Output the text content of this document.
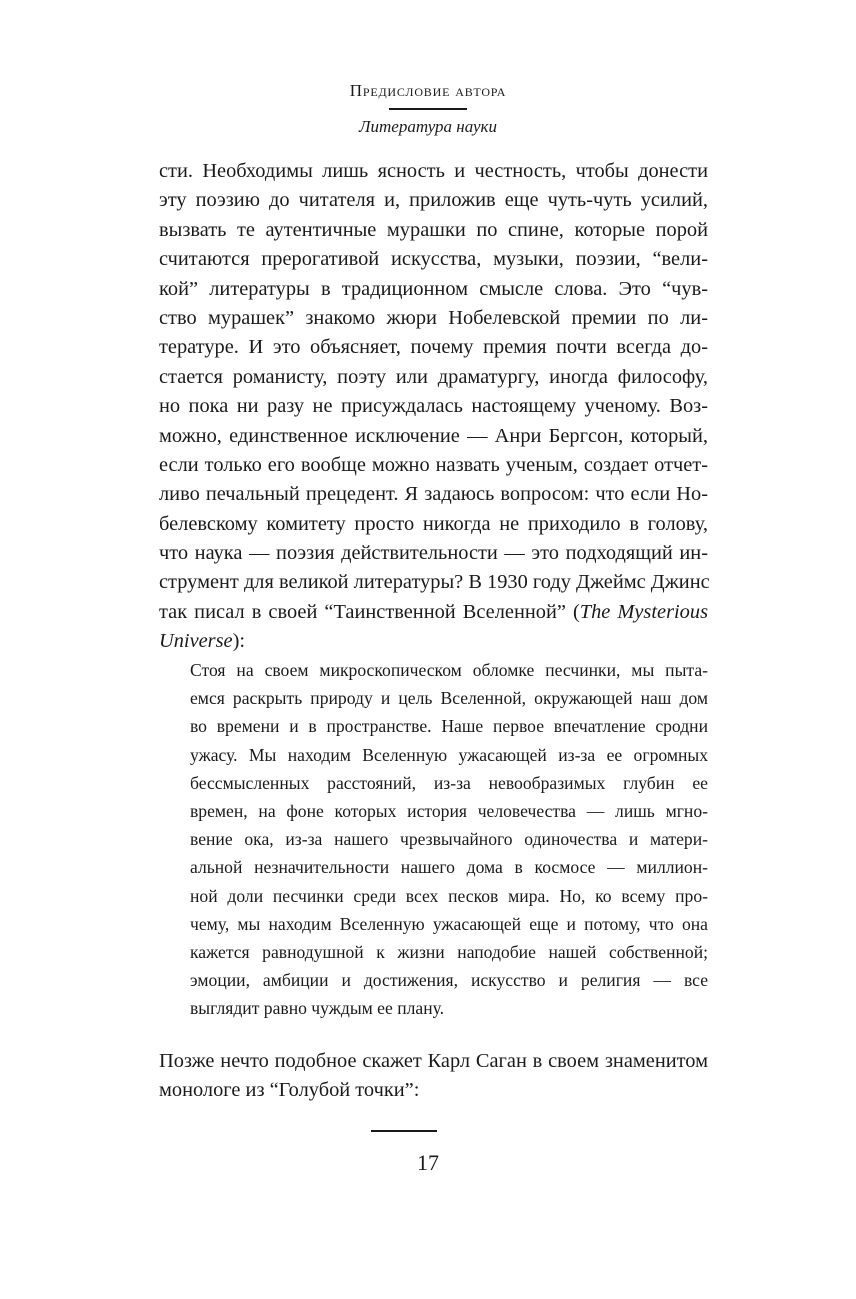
Предисловие автора
Литература науки
сти. Необходимы лишь ясность и честность, чтобы донести
эту поэзию до читателя и, приложив еще чуть-чуть усилий,
вызвать те аутентичные мурашки по спине, которые порой
считаются прерогативой искусства, музыки, поэзии, “вели-
кой” литературы в традиционном смысле слова. Это “чув-
ство мурашек” знакомо жюри Нобелевской премии по ли-
тературе. И это объясняет, почему премия почти всегда до-
стается романисту, поэту или драматургу, иногда философу,
но пока ни разу не присуждалась настоящему ученому. Воз-
можно, единственное исключение — Анри Бергсон, который,
если только его вообще можно назвать ученым, создает отчет-
ливо печальный прецедент. Я задаюсь вопросом: что если Но-
белевскому комитету просто никогда не приходило в голову,
что наука — поэзия действительности — это подходящий ин-
струмент для великой литературы? В 1930 году Джеймс Джинс
так писал в своей “Таинственной Вселенной” (The Mysterious
Universe):
Стоя на своем микроскопическом обломке песчинки, мы пыта-
емся раскрыть природу и цель Вселенной, окружающей наш дом
во времени и в пространстве. Наше первое впечатление сродни
ужасу. Мы находим Вселенную ужасающей из-за ее огромных
бессмысленных расстояний, из-за невообразимых глубин ее
времен, на фоне которых история человечества — лишь мгно-
вение ока, из-за нашего чрезвычайного одиночества и матери-
альной незначительности нашего дома в космосе — миллион-
ной доли песчинки среди всех песков мира. Но, ко всему про-
чему, мы находим Вселенную ужасающей еще и потому, что она
кажется равнодушной к жизни наподобие нашей собственной;
эмоции, амбиции и достижения, искусство и религия — все
выглядит равно чуждым ее плану.
Позже нечто подобное скажет Карл Саган в своем знаменитом
монологе из “Голубой точки”:
17
